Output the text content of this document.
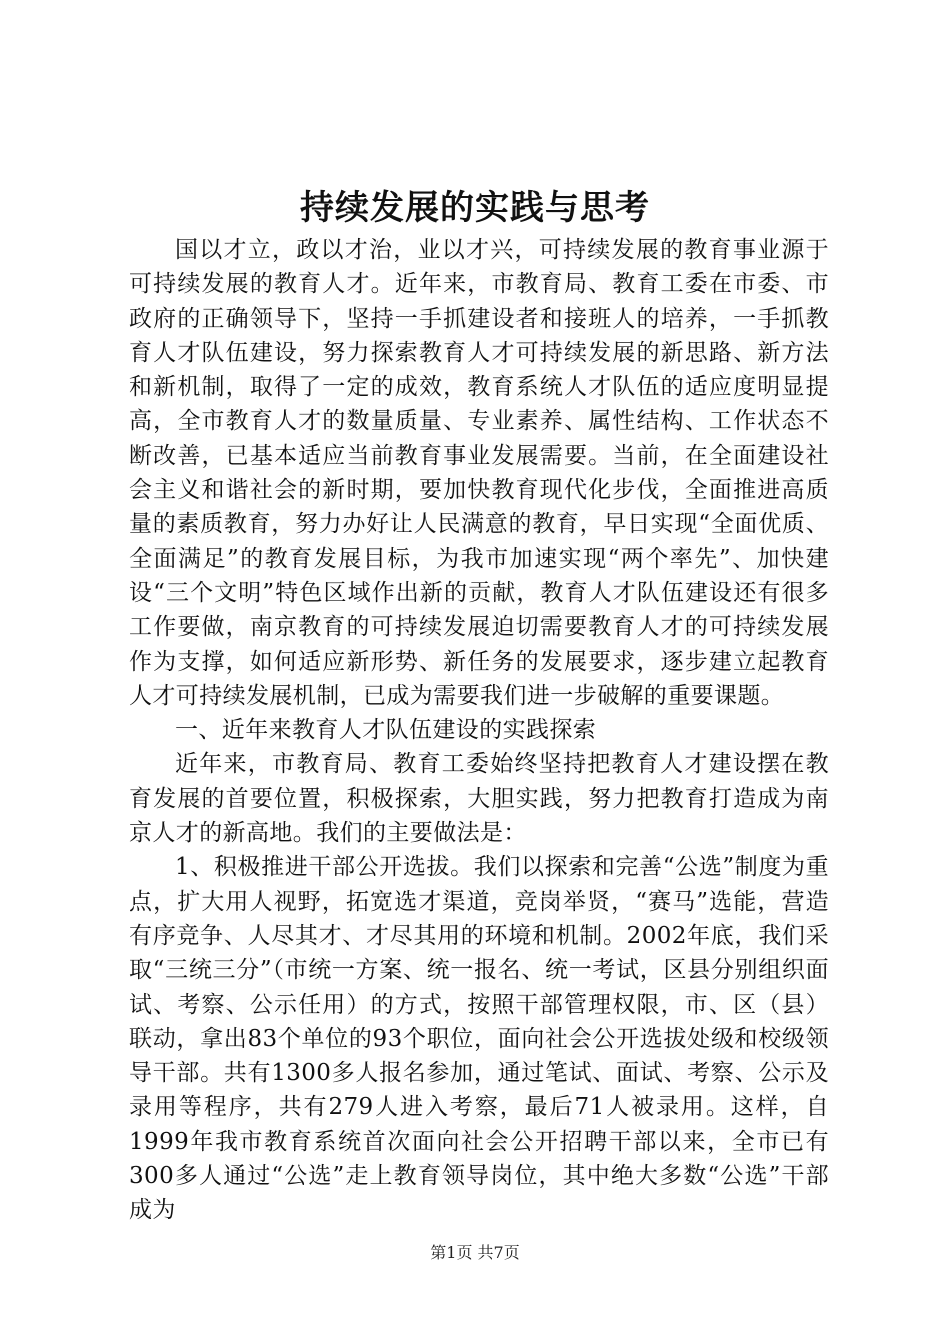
持续发展的实践与思考

国以才立，政以才治，业以才兴，可持续发展的教育事业源于可持续发展的教育人才。近年来，市教育局、教育工委在市委、市政府的正确领导下，坚持一手抓建设者和接班人的培养，一手抓教育人才队伍建设，努力探索教育人才可持续发展的新思路、新方法和新机制，取得了一定的成效，教育系统人才队伍的适应度明显提高，全市教育人才的数量质量、专业素养、属性结构、工作状态不断改善，已基本适应当前教育事业发展需要。当前，在全面建设社会主义和谐社会的新时期，要加快教育现代化步伐，全面推进高质量的素质教育，努力办好让人民满意的教育，早日实现“全面优质、全面满足”的教育发展目标，为我市加速实现“两个率先”、加快建设“三个文明”特色区域作出新的贡献，教育人才队伍建设还有很多工作要做，南京教育的可持续发展迫切需要教育人才的可持续发展作为支撑，如何适应新形势、新任务的发展要求，逐步建立起教育人才可持续发展机制，已成为需要我们进一步破解的重要课题。

一、近年来教育人才队伍建设的实践探索

近年来，市教育局、教育工委始终坚持把教育人才建设摆在教育发展的首要位置，积极探索，大胆实践，努力把教育打造成为南京人才的新高地。我们的主要做法是：

1、积极推进干部公开选拔。我们以探索和完善“公选”制度为重点，扩大用人视野，拓宽选才渠道，竞岗举贤，“赛马”选能，营造有序竞争、人尽其才、才尽其用的环境和机制。2002年底，我们采取“三统三分”（市统一方案、统一报名、统一考试，区县分别组织面试、考察、公示任用）的方式，按照干部管理权限，市、区（县）联动，拿出83个单位的93个职位，面向社会公开选拔处级和校级领导干部。共有1300多人报名参加，通过笔试、面试、考察、公示及录用等程序，共有279人进入考察，最后71人被录用。这样，自1999年我市教育系统首次面向社会公开招聘干部以来，全市已有300多人通过“公选”走上教育领导岗位，其中绝大多数“公选”干部成为

第1页 共7页
